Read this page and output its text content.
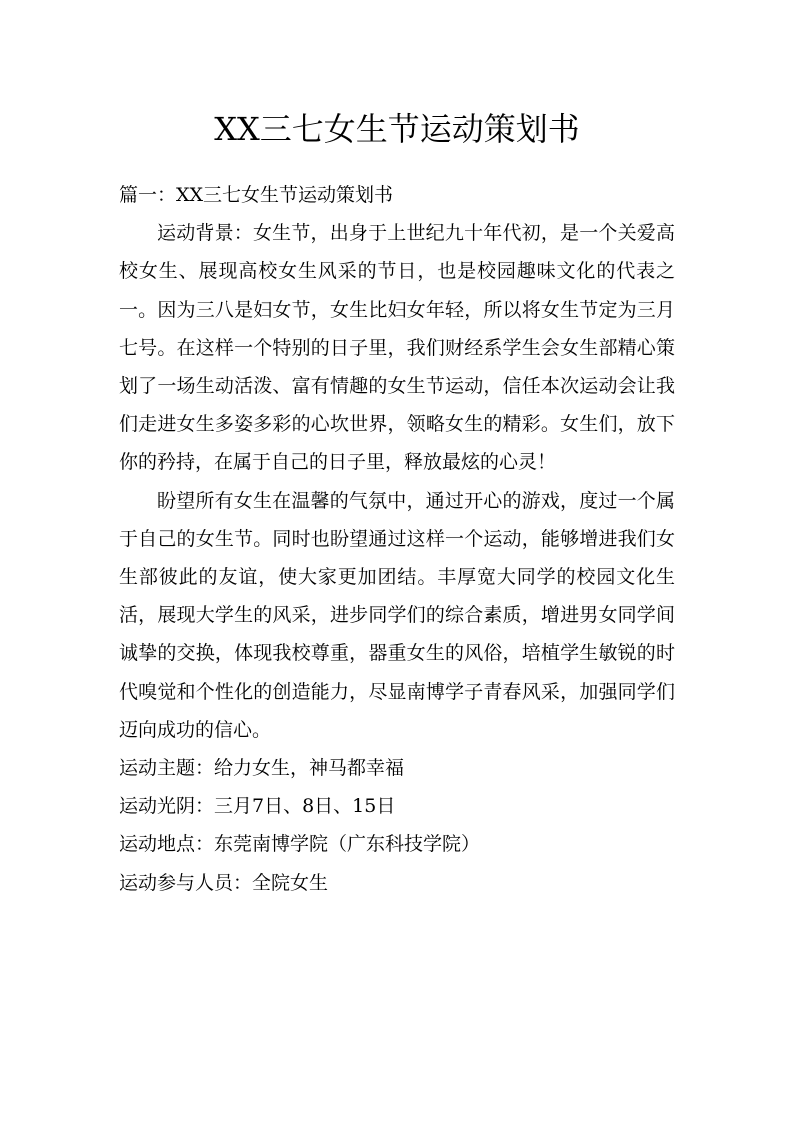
XX三七女生节运动策划书

篇一：XX三七女生节运动策划书

运动背景：女生节，出身于上世纪九十年代初，是一个关爱高校女生、展现高校女生风采的节日，也是校园趣味文化的代表之一。因为三八是妇女节，女生比妇女年轻，所以将女生节定为三月七号。在这样一个特别的日子里，我们财经系学生会女生部精心策划了一场生动活泼、富有情趣的女生节运动，信任本次运动会让我们走进女生多姿多彩的心坎世界，领略女生的精彩。女生们，放下你的矜持，在属于自己的日子里，释放最炫的心灵！

盼望所有女生在温馨的气氛中，通过开心的游戏，度过一个属于自己的女生节。同时也盼望通过这样一个运动，能够增进我们女生部彼此的友谊，使大家更加团结。丰厚宽大同学的校园文化生活，展现大学生的风采，进步同学们的综合素质，增进男女同学间诚挚的交换，体现我校尊重，器重女生的风俗，培植学生敏锐的时代嗅觉和个性化的创造能力，尽显南博学子青春风采，加强同学们迈向成功的信心。

运动主题：给力女生，神马都幸福

运动光阴：三月7日、8日、15日

运动地点：东莞南博学院（广东科技学院）

运动参与人员：全院女生
